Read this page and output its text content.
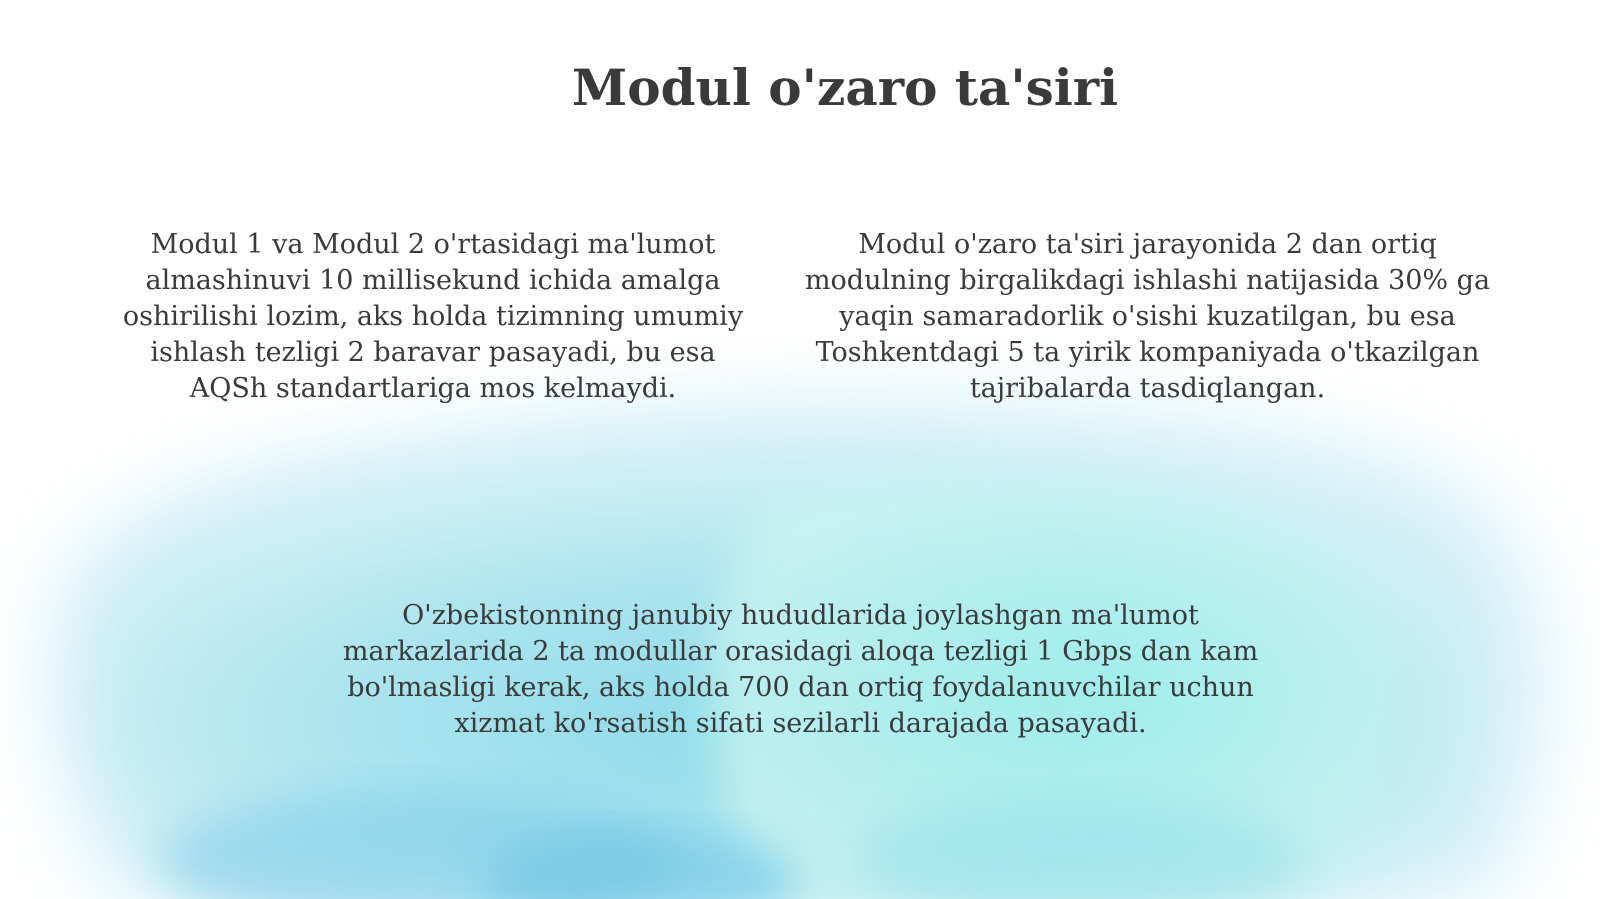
Modul o'zaro ta'siri

Modul 1 va Modul 2 o'rtasidagi ma'lumot almashinuvi 10 millisekund ichida amalga oshirilishi lozim, aks holda tizimning umumiy ishlash tezligi 2 baravar pasayadi, bu esa AQSh standartlariga mos kelmaydi.

Modul o'zaro ta'siri jarayonida 2 dan ortiq modulning birgalikdagi ishlashi natijasida 30% ga yaqin samaradorlik o'sishi kuzatilgan, bu esa Toshkentdagi 5 ta yirik kompaniyada o'tkazilgan tajribalarda tasdiqlangan.

O'zbekistonning janubiy hududlarida joylashgan ma'lumot markazlarida 2 ta modullar orasidagi aloqa tezligi 1 Gbps dan kam bo'lmasligi kerak, aks holda 700 dan ortiq foydalanuvchilar uchun xizmat ko'rsatish sifati sezilarli darajada pasayadi.
